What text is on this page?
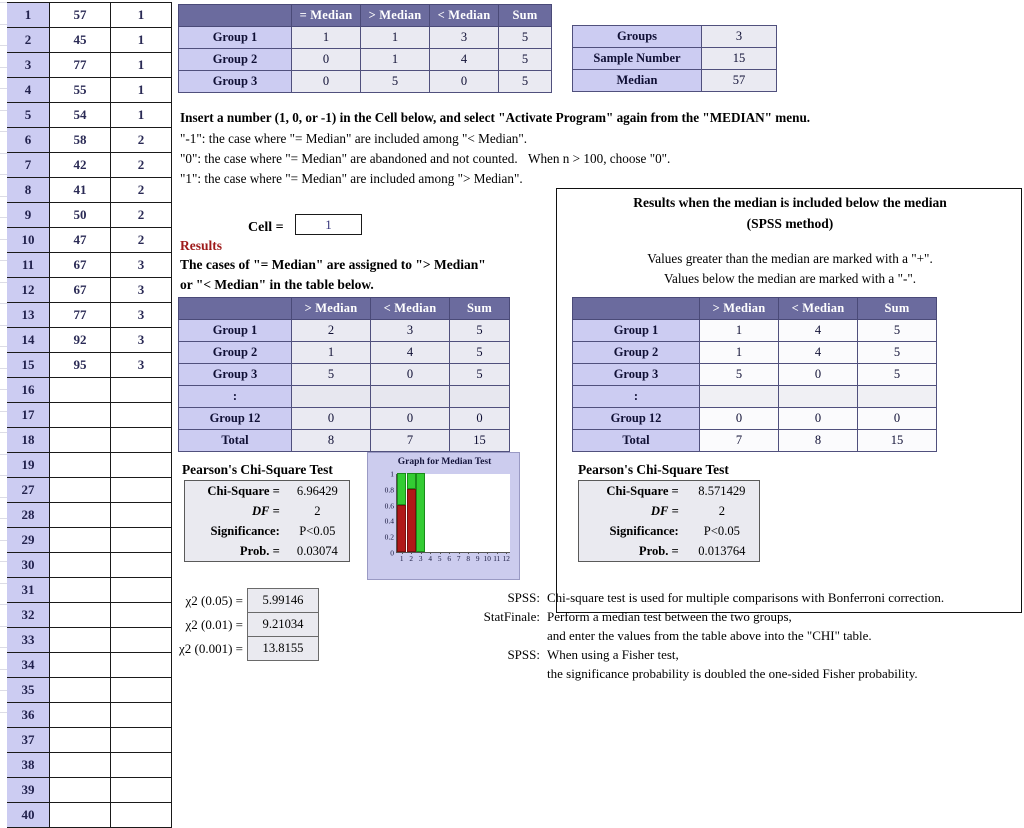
1	57	1
2	45	1
3	77	1
4	55	1
5	54	1
6	58	2
7	42	2
8	41	2
9	50	2
10	47	2
11	67	3
12	67	3
13	77	3
14	92	3
15	95	3
16		
17		
18		
19		
27		
28		
29		
30		
31		
32		
33		
34		
35		
36		
37		
38		
39		
40		
	= Median	> Median	< Median	Sum
Group 1	1	1	3	5
Group 2	0	1	4	5
Group 3	0	5	0	5
Groups	3
Sample Number	15
Median	57
Insert a number (1, 0, or -1) in the Cell below, and select "Activate Program" again from the "MEDIAN" menu.
"-1": the case where "= Median" are included among "< Median".
"0": the case where "= Median" are abandoned and not counted. When n > 100, choose "0".
"1": the case where "= Median" are included among "> Median".
Cell =	1
Results
The cases of "= Median" are assigned to "> Median"
or "< Median" in the table below.
	> Median	< Median	Sum
Group 1	2	3	5
Group 2	1	4	5
Group 3	5	0	5
:			
Group 12	0	0	0
Total	8	7	15
Results when the median is included below the median
(SPSS method)
Values greater than the median are marked with a "+".
Values below the median are marked with a "-".
	> Median	< Median	Sum
Group 1	1	4	5
Group 2	1	4	5
Group 3	5	0	5
:			
Group 12	0	0	0
Total	7	8	15
Pearson's Chi-Square Test
Chi-Square =	6.96429
DF =	2
Significance:	P<0.05
Prob. =	0.03074
Pearson's Chi-Square Test
Chi-Square =	8.571429
DF =	2
Significance:	P<0.05
Prob. =	0.013764
Graph for Median Test
0
0.2
0.4
0.6
0.8
1
1 2 3 4 5 6 7 8 9 10 11 12
χ2 (0.05) =	5.99146
χ2 (0.01) =	9.21034
χ2 (0.001) =	13.8155
SPSS: Chi-square test is used for multiple comparisons with Bonferroni correction.
StatFinale: Perform a median test between the two groups,
and enter the values from the table above into the "CHI" table.
SPSS: When using a Fisher test,
the significance probability is doubled the one-sided Fisher probability.
